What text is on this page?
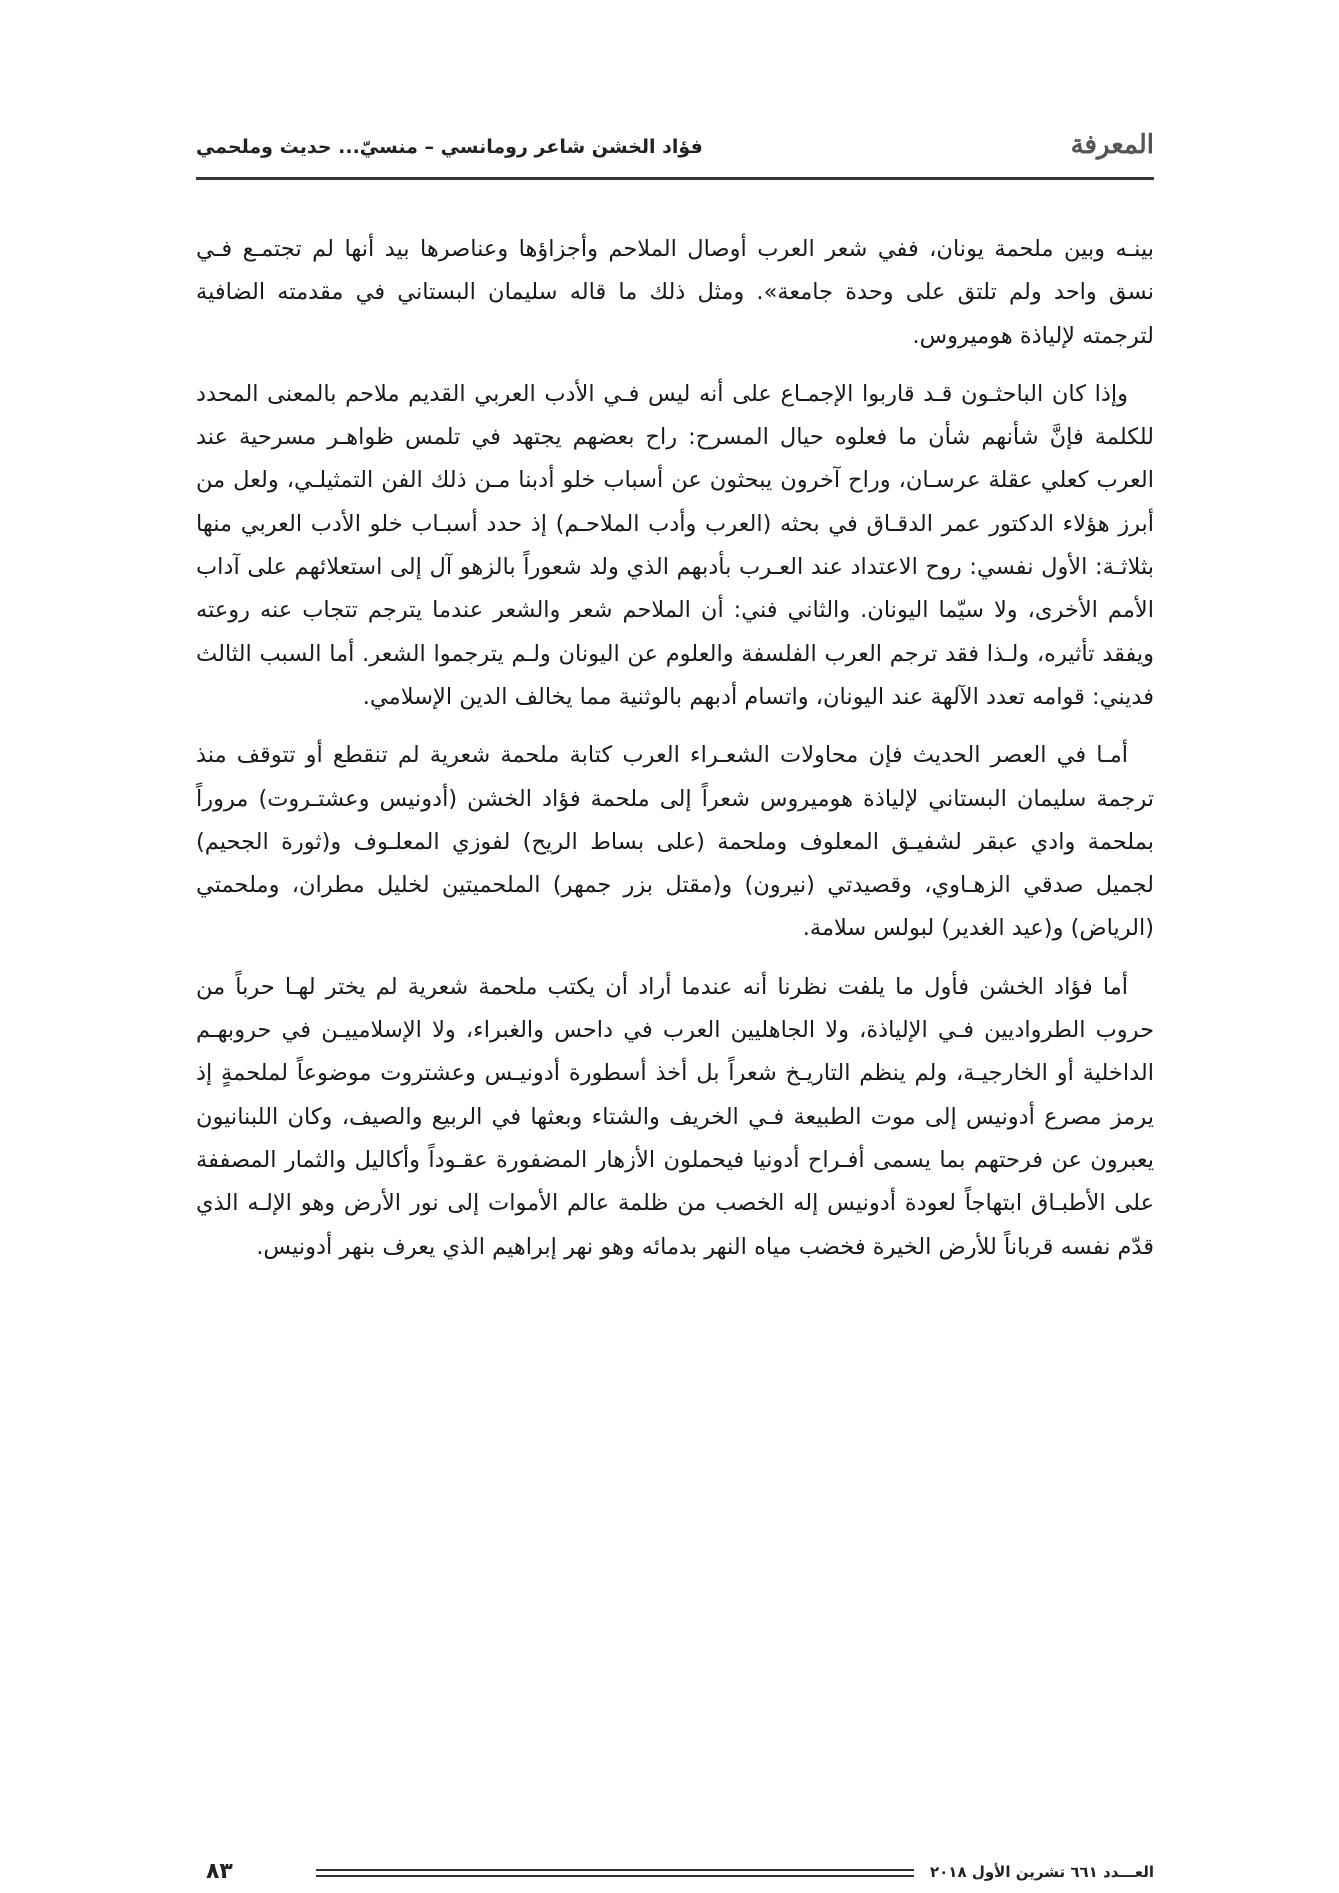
المعرفة
فؤاد الخشن شاعر رومانسي – منسيّ... حديث وملحمي

بينـه وبين ملحمة يونان، ففي شعر العرب أوصال الملاحم وأجزاؤها وعناصرها بيد أنها لم تجتمـع فـي نسق واحد ولم تلتق على وحدة جامعة». ومثل ذلك ما قاله سليمان البستاني في مقدمته الضافية لترجمته لإلياذة هوميروس.

وإذا كان الباحثـون قـد قاربوا الإجمـاع على أنه ليس فـي الأدب العربي القديم ملاحم بالمعنى المحدد للكلمة فإنَّ شأنهم شأن ما فعلوه حيال المسرح: راح بعضهم يجتهد في تلمس ظواهـر مسرحية عند العرب كعلي عقلة عرسـان، وراح آخرون يبحثون عن أسباب خلو أدبنا مـن ذلك الفن التمثيلـي، ولعل من أبرز هؤلاء الدكتور عمر الدقـاق في بحثه (العرب وأدب الملاحـم) إذ حدد أسبـاب خلو الأدب العربي منها بثلاثـة: الأول نفسي: روح الاعتداد عند العـرب بأدبهم الذي ولد شعوراً بالزهو آل إلى استعلائهم على آداب الأمم الأخرى، ولا سيّما اليونان. والثاني فني: أن الملاحم شعر والشعر عندما يترجم تتجاب عنه روعته ويفقد تأثيره، ولـذا فقد ترجم العرب الفلسفة والعلوم عن اليونان ولـم يترجموا الشعر. أما السبب الثالث فديني: قوامه تعدد الآلهة عند اليونان، واتسام أدبهم بالوثنية مما يخالف الدين الإسلامي.

أمـا في العصر الحديث فإن محاولات الشعـراء العرب كتابة ملحمة شعرية لم تنقطع أو تتوقف منذ ترجمة سليمان البستاني لإلياذة هوميروس شعراً إلى ملحمة فؤاد الخشن (أدونيس وعشتـروت) مروراً بملحمة وادي عبقر لشفيـق المعلوف وملحمة (على بساط الريح) لفوزي المعلـوف و(ثورة الجحيم) لجميل صدقي الزهـاوي، وقصيدتي (نيرون) و(مقتل بزر جمهر) الملحميتين لخليل مطران، وملحمتي (الرياض) و(عيد الغدير) لبولس سلامة.

أما فؤاد الخشن فأول ما يلفت نظرنا أنه عندما أراد أن يكتب ملحمة شعرية لم يختر لهـا حرباً من حروب الطرواديين فـي الإلياذة، ولا الجاهليين العرب في داحس والغبراء، ولا الإسلامييـن في حروبهـم الداخلية أو الخارجيـة، ولم ينظم التاريـخ شعراً بل أخذ أسطورة أدونيـس وعشتروت موضوعاً لملحمةٍ إذ يرمز مصرع أدونيس إلى موت الطبيعة فـي الخريف والشتاء وبعثها في الربيع والصيف، وكان اللبنانيون يعبرون عن فرحتهم بما يسمى أفـراح أدونيا فيحملون الأزهار المضفورة عقـوداً وأكاليل والثمار المصففة على الأطبـاق ابتهاجاً لعودة أدونيس إله الخصب من ظلمة عالم الأموات إلى نور الأرض وهو الإلـه الذي قدّم نفسه قرباناً للأرض الخيرة فخضب مياه النهر بدمائه وهو نهر إبراهيم الذي يعرف بنهر أدونيس.

العـــدد ٦٦١ تشرين الأول ٢٠١٨
٨٣
